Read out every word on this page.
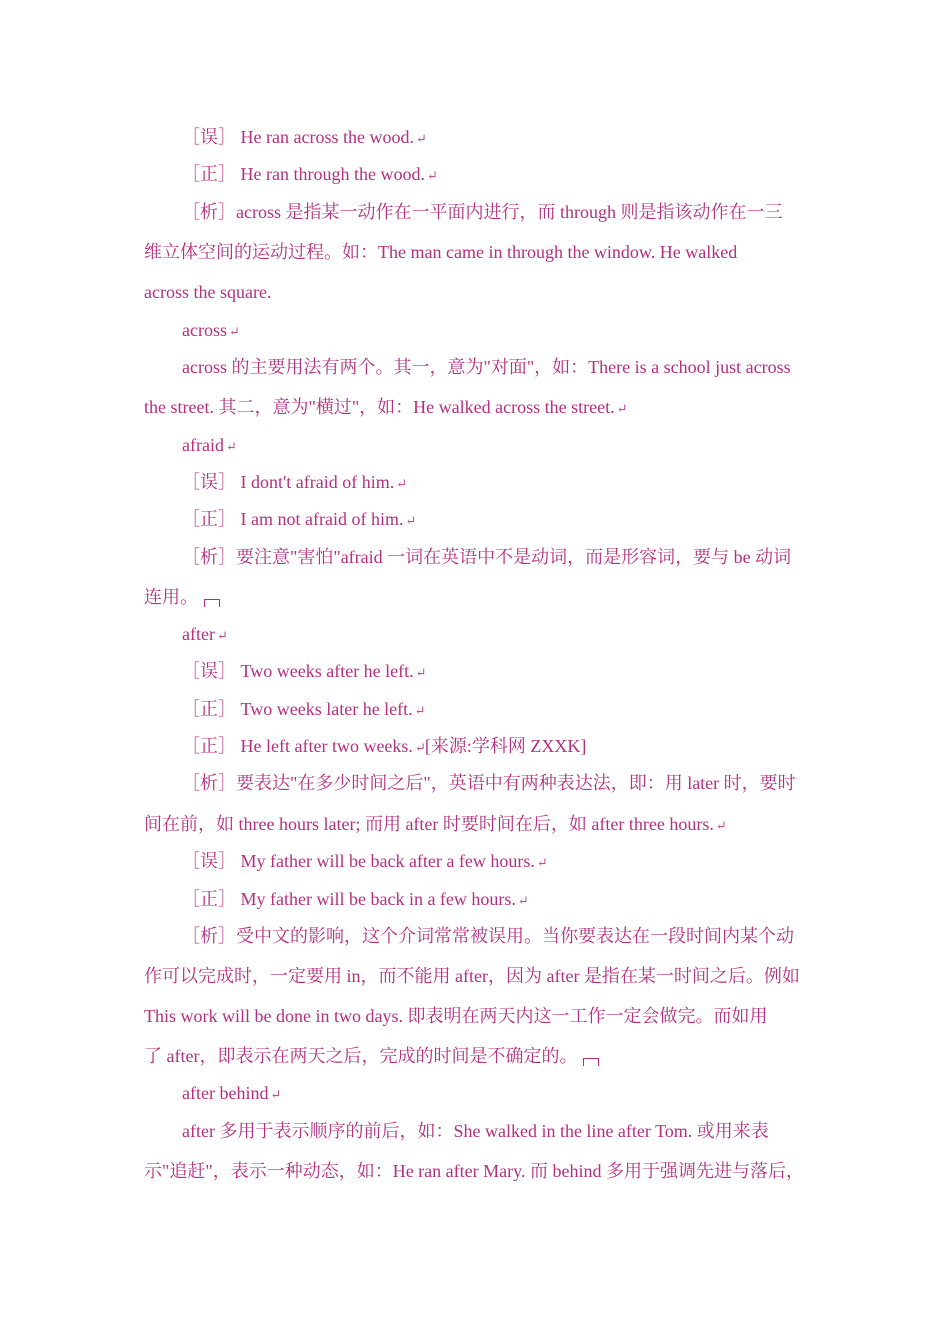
［误］ He ran across the wood. ↵
［正］ He ran through the wood. ↵
［析］across 是指某一动作在一平面内进行，而 through 则是指该动作在一三
维立体空间的运动过程。如：The man came in through the window. He walked
across the square.
across ↵
across 的主要用法有两个。其一，意为"对面"，如：There is a school just across
the street. 其二，意为"横过"，如：He walked across the street. ↵
afraid ↵
［误］ I dont't afraid of him. ↵
［正］ I am not afraid of him. ↵
［析］要注意"害怕"afraid 一词在英语中不是动词，而是形容词，要与 be 动词
连用。
after ↵
［误］ Two weeks after he left. ↵
［正］ Two weeks later he left. ↵
［正］ He left after two weeks. ↵[来源:学科网 ZXXK]
［析］要表达"在多少时间之后"，英语中有两种表达法，即：用 later 时，要时
间在前，如 three hours later; 而用 after 时要时间在后，如 after three hours. ↵
［误］ My father will be back after a few hours. ↵
［正］ My father will be back in a few hours. ↵
［析］受中文的影响，这个介词常常被误用。当你要表达在一段时间内某个动
作可以完成时，一定要用 in，而不能用 after，因为 after 是指在某一时间之后。例如
This work will be done in two days. 即表明在两天内这一工作一定会做完。而如用
了 after，即表示在两天之后，完成的时间是不确定的。
after behind ↵
after 多用于表示顺序的前后，如：She walked in the line after Tom. 或用来表
示"追赶"，表示一种动态，如：He ran after Mary. 而 behind 多用于强调先进与落后，
